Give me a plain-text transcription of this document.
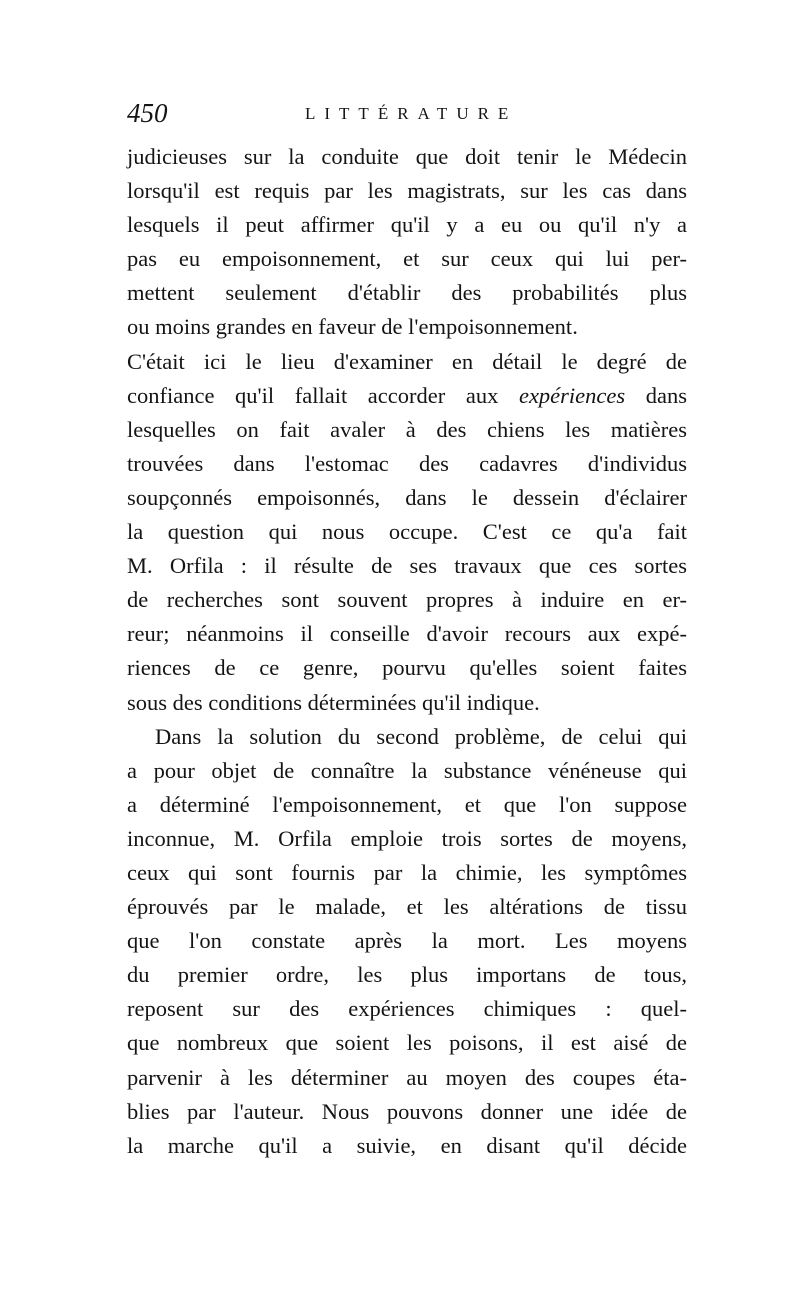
450	LITTÉRATURE
judicieuses sur la conduite que doit tenir le Médecin
lorsqu'il est requis par les magistrats, sur les cas dans
lesquels il peut affirmer qu'il y a eu ou qu'il n'y a
pas eu empoisonnement, et sur ceux qui lui per-
mettent seulement d'établir des probabilités plus
ou moins grandes en faveur de l'empoisonnement.
C'était ici le lieu d'examiner en détail le degré de
confiance qu'il fallait accorder aux expériences dans
lesquelles on fait avaler à des chiens les matières
trouvées dans l'estomac des cadavres d'individus
soupçonnés empoisonnés, dans le dessein d'éclairer
la question qui nous occupe. C'est ce qu'a fait
M. Orfila : il résulte de ses travaux que ces sortes
de recherches sont souvent propres à induire en er-
reur; néanmoins il conseille d'avoir recours aux expé-
riences de ce genre, pourvu qu'elles soient faites
sous des conditions déterminées qu'il indique.
Dans la solution du second problème, de celui qui
a pour objet de connaître la substance vénéneuse qui
a déterminé l'empoisonnement, et que l'on suppose
inconnue, M. Orfila emploie trois sortes de moyens,
ceux qui sont fournis par la chimie, les symptômes
éprouvés par le malade, et les altérations de tissu
que l'on constate après la mort. Les moyens
du premier ordre, les plus importans de tous,
reposent sur des expériences chimiques : quel-
que nombreux que soient les poisons, il est aisé de
parvenir à les déterminer au moyen des coupes éta-
blies par l'auteur. Nous pouvons donner une idée de
la marche qu'il a suivie, en disant qu'il décide
